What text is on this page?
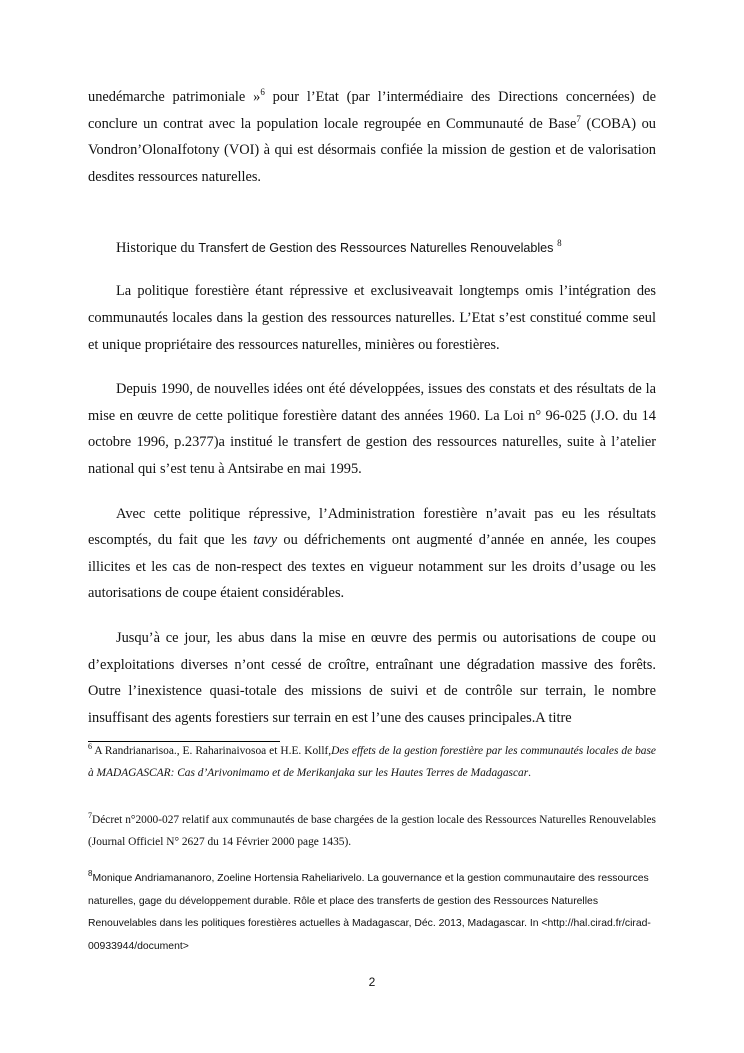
unedémarche patrimoniale »$^6$ pour l’Etat (par l’intermédiaire des Directions concernées) de conclure un contrat avec la population locale regroupée en Communauté de Base$^7$ (COBA) ou Vondron’OlonaIfotony (VOI) à qui est désormais confiée la mission de gestion et de valorisation desdites ressources naturelles.

Historique du Transfert de Gestion des Ressources Naturelles Renouvelables $^8$

La politique forestière étant répressive et exclusiveavait longtemps omis l’intégration des communautés locales dans la gestion des ressources naturelles. L’Etat s’est constitué comme seul et unique propriétaire des ressources naturelles, minières ou forestières.

Depuis 1990, de nouvelles idées ont été développées, issues des constats et des résultats de la mise en œuvre de cette politique forestière datant des années 1960. La Loi n° 96-025 (J.O. du 14 octobre 1996, p.2377)a institué le transfert de gestion des ressources naturelles, suite à l’atelier national qui s’est tenu à Antsirabe en mai 1995.

Avec cette politique répressive, l’Administration forestière n’avait pas eu les résultats escomptés, du fait que les tavy ou défrichements ont augmenté d’année en année, les coupes illicites et les cas de non-respect des textes en vigueur notamment sur les droits d’usage ou les autorisations de coupe étaient considérables.

Jusqu’à ce jour, les abus dans la mise en œuvre des permis ou autorisations de coupe ou d’exploitations diverses n’ont cessé de croître, entraînant une dégradation massive des forêts. Outre l’inexistence quasi-totale des missions de suivi et de contrôle sur terrain, le nombre insuffisant des agents forestiers sur terrain en est l’une des causes principales.A titre

$^6$ A Randrianarisoa., E. Raharinaivosoa et H.E. Kollf,Des effets de la gestion forestière par les communautés locales de base à MADAGASCAR: Cas d’Arivonimamo et de Merikanjaka sur les Hautes Terres de Madagascar.

$^7$Décret n°2000-027 relatif aux communautés de base chargées de la gestion locale des Ressources Naturelles Renouvelables (Journal Officiel N° 2627 du 14 Février 2000 page 1435).

$^8$Monique Andriamananoro, Zoeline Hortensia Raheliarivelo. La gouvernance et la gestion communautaire des ressources naturelles, gage du développement durable. Rôle et place des transferts de gestion des Ressources Naturelles Renouvelables dans les politiques forestières actuelles à Madagascar, Déc. 2013, Madagascar. In <http://hal.cirad.fr/cirad-00933944/document>

2
